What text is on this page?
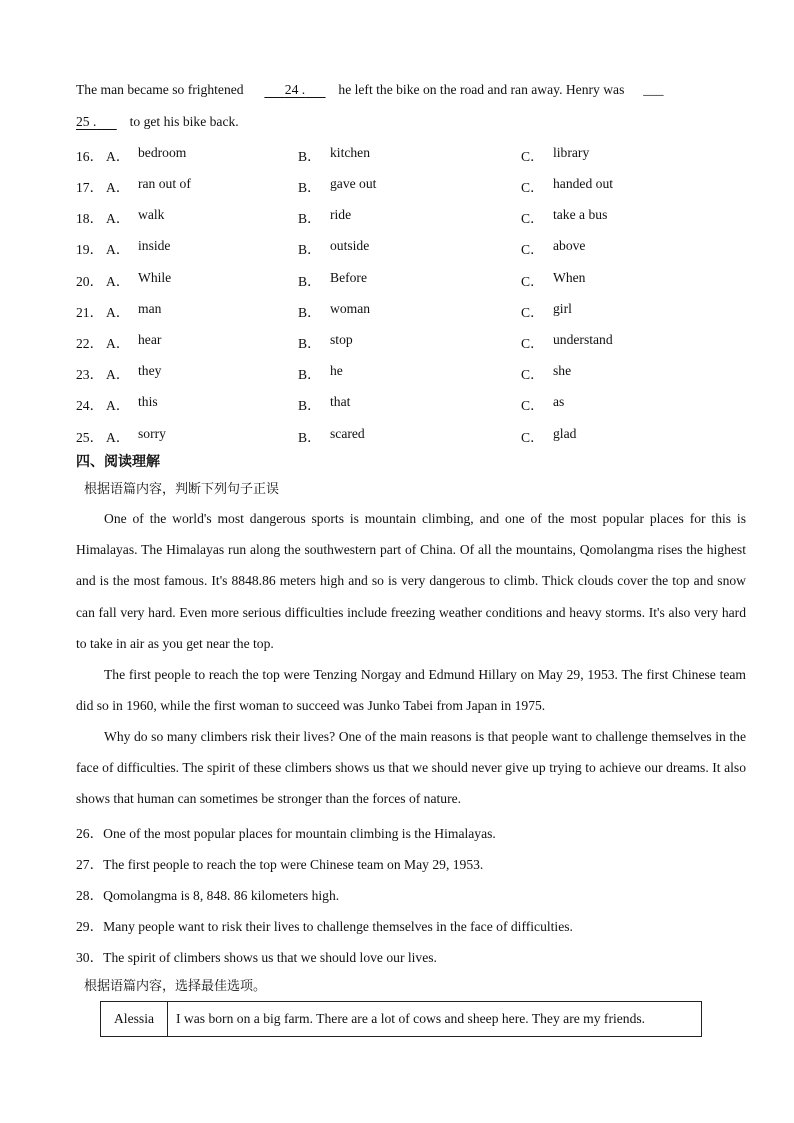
The man became so frightened	24 . he left the bike on the road and ran away. Henry was ___
25 . to get his bike back.
16． A． bedroom	B． kitchen	C． library
17． A． ran out of	B． gave out	C． handed out
18． A． walk	B． ride	C． take a bus
19． A． inside	B． outside	C． above
20． A． While	B． Before	C． When
21． A． man	B． woman	C． girl
22． A． hear	B． stop	C． understand
23． A． they	B． he	C． she
24． A． this	B． that	C． as
25． A． sorry	B． scared	C． glad
四、阅读理解
根据语篇内容，判断下列句子正误
One of the world's most dangerous sports is mountain climbing, and one of the most popular places for this is Himalayas. The Himalayas run along the southwestern part of China. Of all the mountains, Qomolangma rises the highest and is the most famous. It's 8848.86 meters high and so is very dangerous to climb. Thick clouds cover the top and snow can fall very hard. Even more serious difficulties include freezing weather conditions and heavy storms. It's also very hard to take in air as you get near the top.
The first people to reach the top were Tenzing Norgay and Edmund Hillary on May 29, 1953. The first Chinese team did so in 1960, while the first woman to succeed was Junko Tabei from Japan in 1975.
Why do so many climbers risk their lives? One of the main reasons is that people want to challenge themselves in the face of difficulties. The spirit of these climbers shows us that we should never give up trying to achieve our dreams. It also shows that human can sometimes be stronger than the forces of nature.
26．One of the most popular places for mountain climbing is the Himalayas.
27．The first people to reach the top were Chinese team on May 29, 1953.
28．Qomolangma is 8, 848. 86 kilometers high.
29．Many people want to risk their lives to challenge themselves in the face of difficulties.
30．The spirit of climbers shows us that we should love our lives.
根据语篇内容，选择最佳选项。
Alessia	I was born on a big farm. There are a lot of cows and sheep here. They are my friends.
